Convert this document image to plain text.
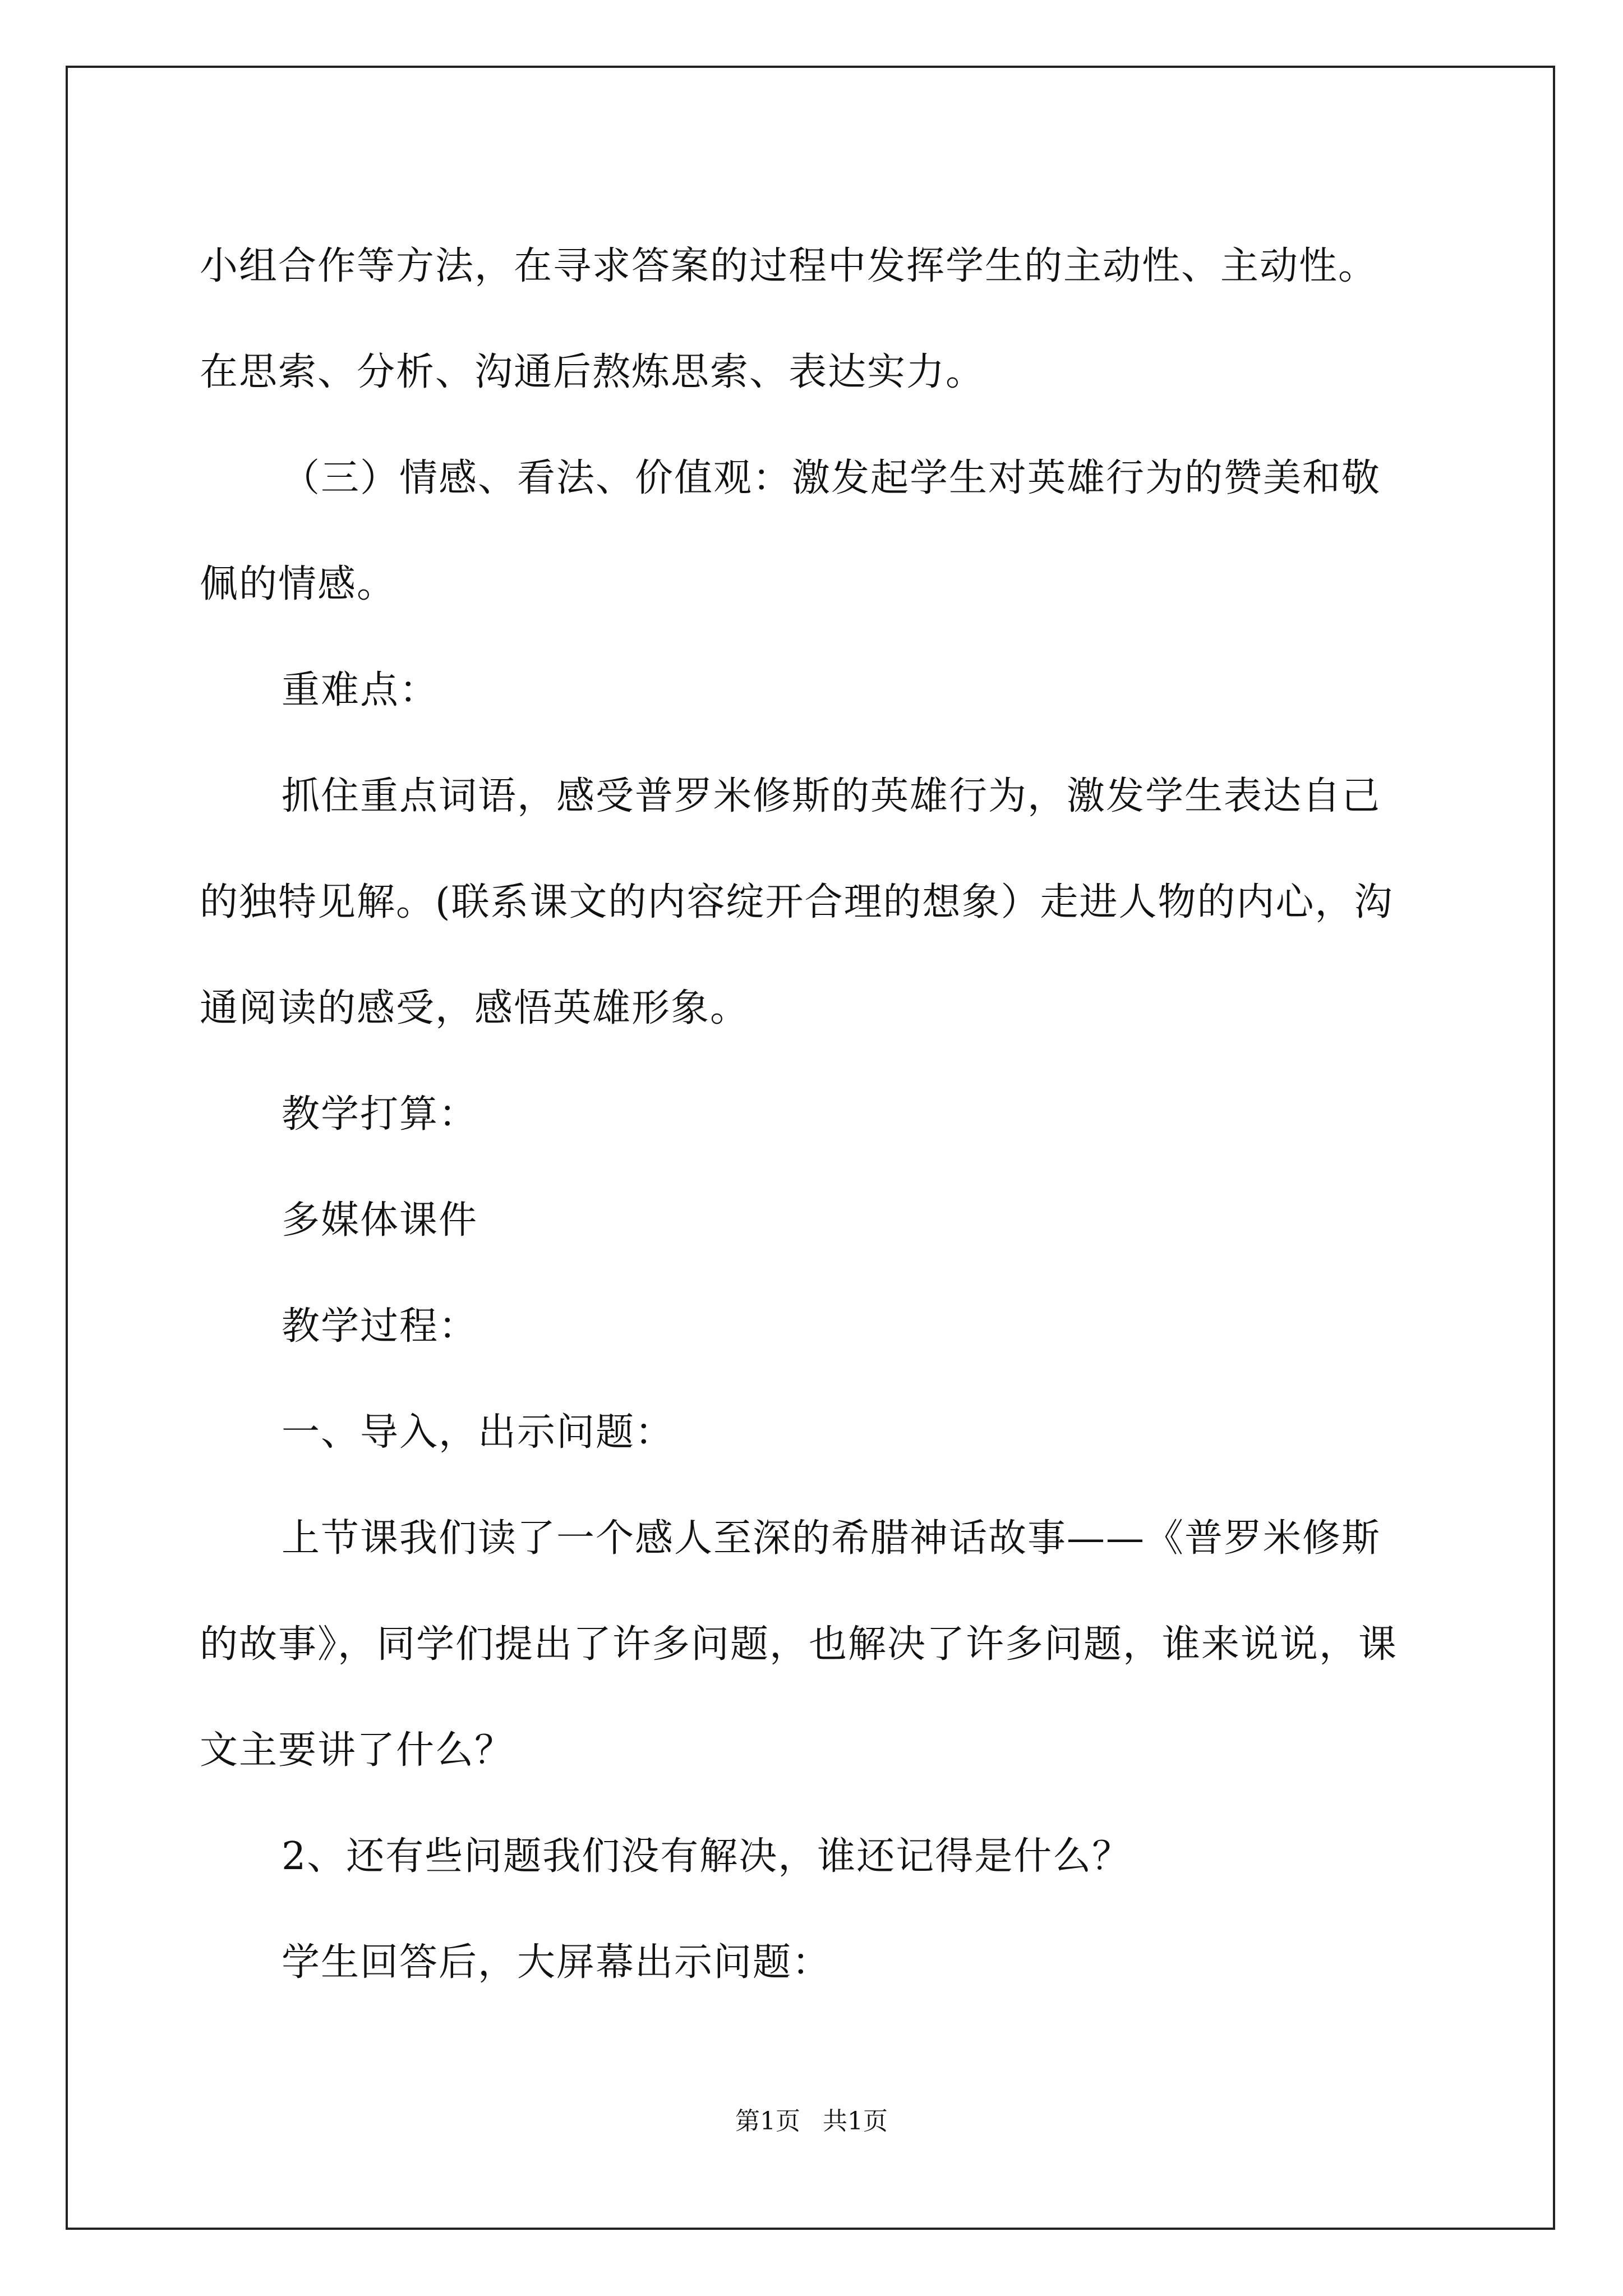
小组合作等方法，在寻求答案的过程中发挥学生的主动性、主动性。

在思索、分析、沟通后熬炼思索、表达实力。

（三）情感、看法、价值观：激发起学生对英雄行为的赞美和敬

佩的情感。

重难点：

抓住重点词语，感受普罗米修斯的英雄行为，激发学生表达自己

的独特见解。(联系课文的内容绽开合理的想象）走进人物的内心，沟

通阅读的感受，感悟英雄形象。

教学打算：

多媒体课件

教学过程：

一、导入，出示问题：

上节课我们读了一个感人至深的希腊神话故事——《普罗米修斯

的故事》，同学们提出了许多问题，也解决了许多问题，谁来说说，课

文主要讲了什么？

2、还有些问题我们没有解决，谁还记得是什么？

学生回答后，大屏幕出示问题：

第1页 共1页
